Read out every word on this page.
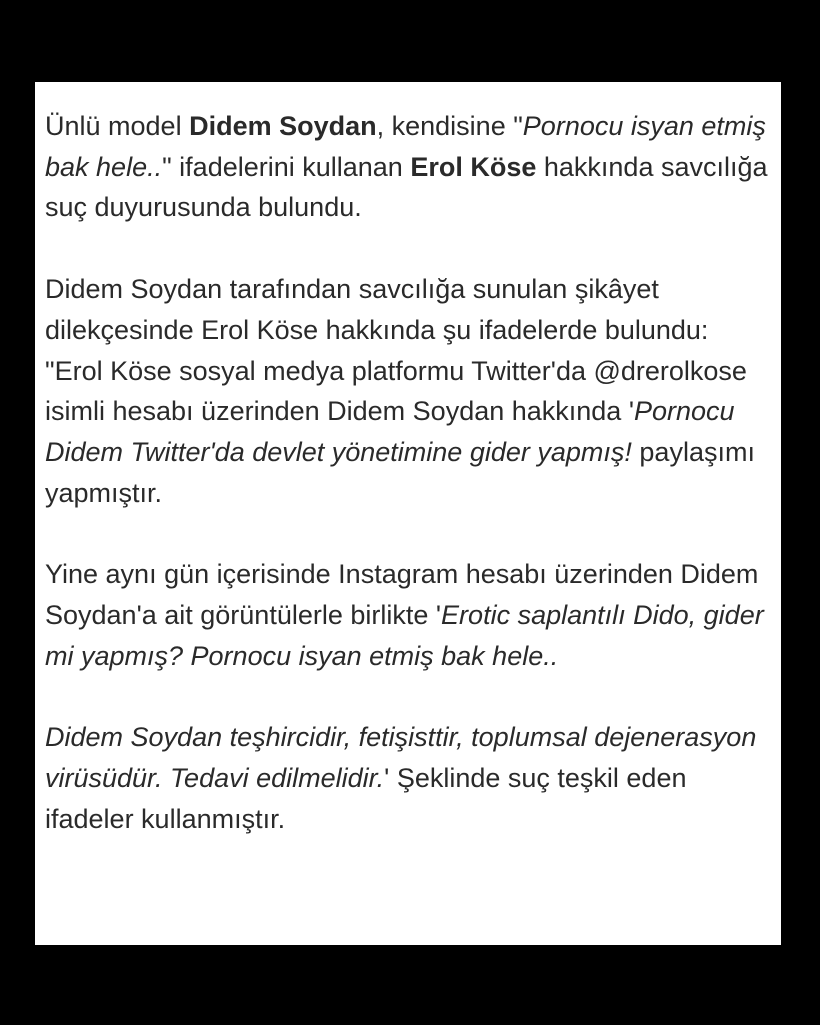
Ünlü model Didem Soydan, kendisine "Pornocu isyan etmiş bak hele.." ifadelerini kullanan Erol Köse hakkında savcılığa suç duyurusunda bulundu.

Didem Soydan tarafından savcılığa sunulan şikâyet dilekçesinde Erol Köse hakkında şu ifadelerde bulundu: "Erol Köse sosyal medya platformu Twitter'da @drerolkose isimli hesabı üzerinden Didem Soydan hakkında 'Pornocu Didem Twitter'da devlet yönetimine gider yapmış! paylaşımı yapmıştır.

Yine aynı gün içerisinde Instagram hesabı üzerinden Didem Soydan'a ait görüntülerle birlikte 'Erotic saplantılı Dido, gider mi yapmış? Pornocu isyan etmiş bak hele..

Didem Soydan teşhircidir, fetişisttir, toplumsal dejenerasyon virüsüdür. Tedavi edilmelidir.' Şeklinde suç teşkil eden ifadeler kullanmıştır.
